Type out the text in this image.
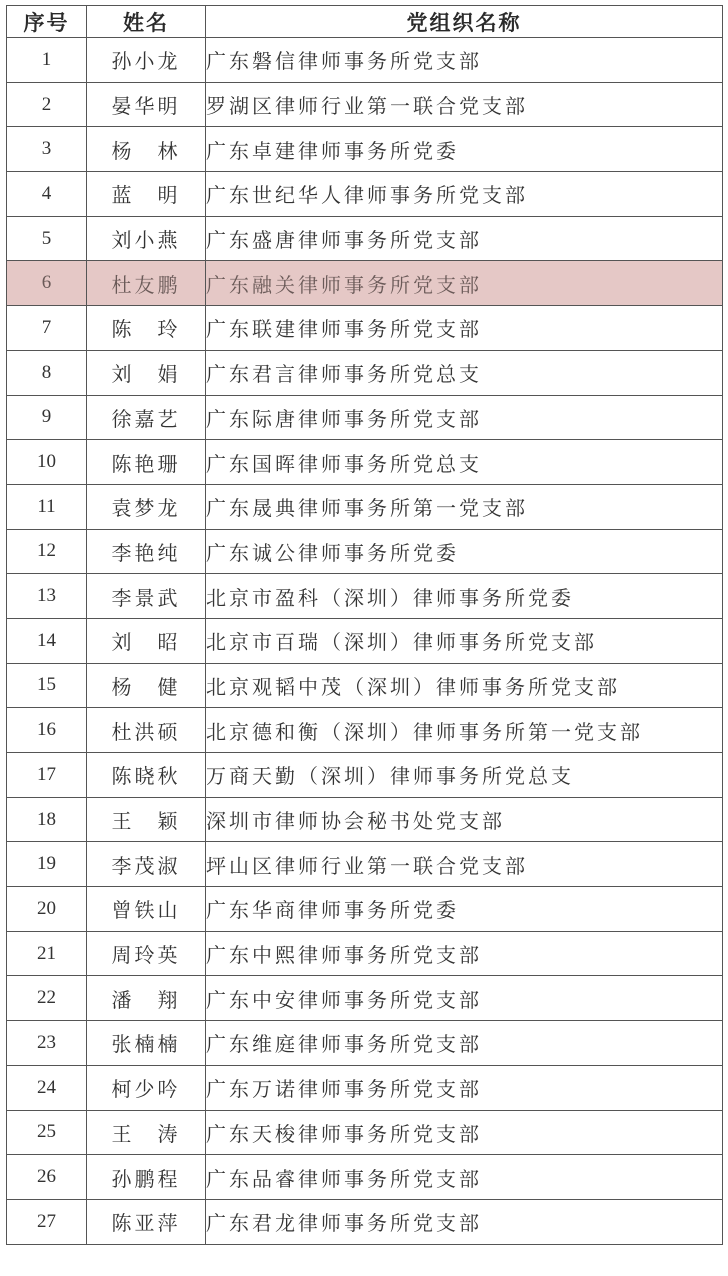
序号	姓名	党组织名称
1	孙小龙	广东磐信律师事务所党支部
2	晏华明	罗湖区律师行业第一联合党支部
3	杨　林	广东卓建律师事务所党委
4	蓝　明	广东世纪华人律师事务所党支部
5	刘小燕	广东盛唐律师事务所党支部
6	杜友鹏	广东融关律师事务所党支部
7	陈　玲	广东联建律师事务所党支部
8	刘　娟	广东君言律师事务所党总支
9	徐嘉艺	广东际唐律师事务所党支部
10	陈艳珊	广东国晖律师事务所党总支
11	袁梦龙	广东晟典律师事务所第一党支部
12	李艳纯	广东诚公律师事务所党委
13	李景武	北京市盈科（深圳）律师事务所党委
14	刘　昭	北京市百瑞（深圳）律师事务所党支部
15	杨　健	北京观韬中茂（深圳）律师事务所党支部
16	杜洪硕	北京德和衡（深圳）律师事务所第一党支部
17	陈晓秋	万商天勤（深圳）律师事务所党总支
18	王　颖	深圳市律师协会秘书处党支部
19	李茂淑	坪山区律师行业第一联合党支部
20	曾铁山	广东华商律师事务所党委
21	周玲英	广东中熙律师事务所党支部
22	潘　翔	广东中安律师事务所党支部
23	张楠楠	广东维庭律师事务所党支部
24	柯少吟	广东万诺律师事务所党支部
25	王　涛	广东天梭律师事务所党支部
26	孙鹏程	广东品睿律师事务所党支部
27	陈亚萍	广东君龙律师事务所党支部
